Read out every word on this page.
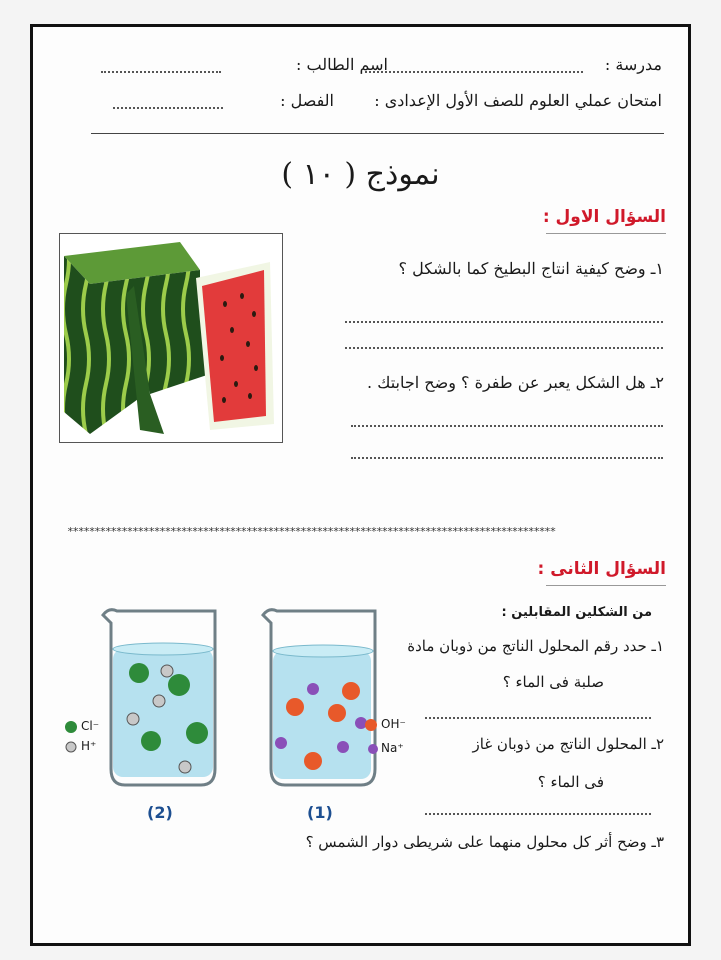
مدرسة :
اسم الطالب :
امتحان عملي العلوم للصف الأول الإعدادى :
الفصل :
نموذج ( ١٠ )
السؤال الاول :
١ـ وضح كيفية انتاج البطيخ كما بالشكل ؟
٢ـ هل الشكل يعبر عن طفرة ؟ وضح اجابتك .
******************************************************************************************
السؤال الثانى :
من الشكلين المقابلين :
١ـ حدد رقم المحلول الناتج من ذوبان مادة
صلبة فى الماء ؟
٢ـ المحلول الناتج من ذوبان غاز
فى الماء ؟
٣ـ وضح أثر كل محلول منهما على شريطى دوار الشمس ؟
Cl⁻
H⁺
OH⁻
Na⁺
(2)	(1)
